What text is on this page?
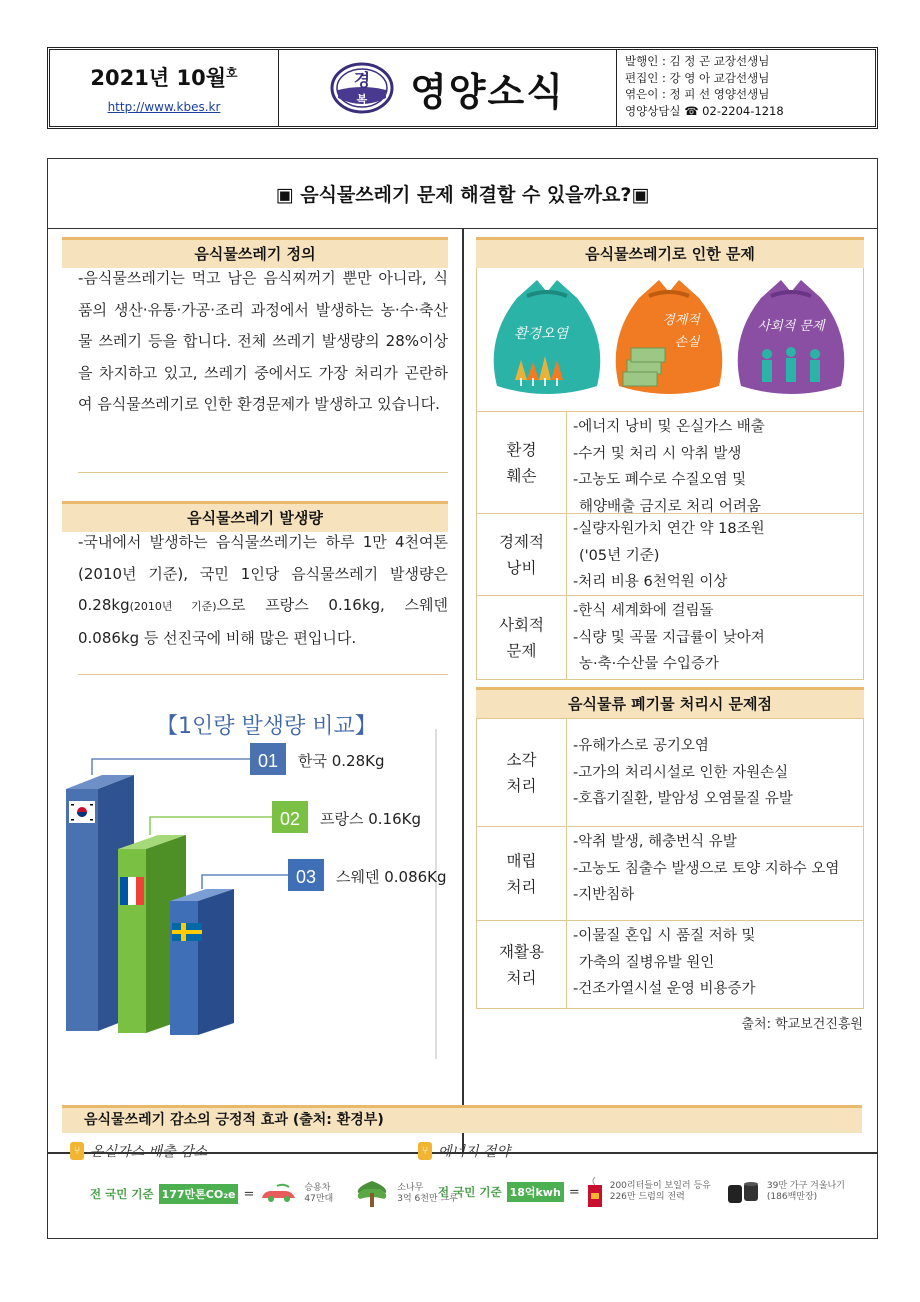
2021년 10월$^호$
http://www.kbes.kr
경
복 영양소식
발행인 : 김 정 곤 교장선생님
편집인 : 강 영 아 교감선생님
엮은이 : 정 피 선 영양선생님
영양상담실 ☎ 02-2204-1218
▣ 음식물쓰레기 문제 해결할 수 있을까요?▣
음식물쓰레기 정의
-음식물쓰레기는 먹고 남은 음식찌꺼기 뿐만 아니라, 식품의 생산·유통·가공·조리 과정에서 발생하는 농·수·축산물 쓰레기 등을 합니다. 전체 쓰레기 발생량의 28%이상을 차지하고 있고, 쓰레기 중에서도 가장 처리가 곤란하여 음식물쓰레기로 인한 환경문제가 발생하고 있습니다.
음식물쓰레기 발생량
-국내에서 발생하는 음식물쓰레기는 하루 1만 4천여톤(2010년 기준), 국민 1인당 음식물쓰레기 발생량은 0.28kg(2010년 기준)으로 프랑스 0.16kg, 스웨덴 0.086kg 등 선진국에 비해 많은 편입니다.
【1인량 발생량 비교】
01
02
03
한국 0.28Kg
프랑스 0.16Kg
스웨덴 0.086Kg
음식물쓰레기로 인한 문제
환경오염
경제적
손실
사회적 문제
환경
훼손
-에너지 낭비 및 온실가스 배출
-수거 및 처리 시 악취 발생
-고농도 폐수로 수질오염 및
해양배출 금지로 처리 어려움
경제적
낭비
-실량자원가치 연간 약 18조원
('05년 기준)
-처리 비용 6천억원 이상
사회적
문제
-한식 세계화에 걸림돌
-식량 및 곡물 지급률이 낮아져
농·축·수산물 수입증가
음식물류 폐기물 처리시 문제점
소각
처리
-유해가스로 공기오염
-고가의 처리시설로 인한 자원손실
-호흡기질환, 발암성 오염물질 유발
매립
처리
-악취 발생, 해충번식 유발
-고농도 침출수 발생으로 토양 지하수 오염
-지반침하
재활용
처리
-이물질 혼입 시 품질 저하 및
가축의 질병유발 원인
-건조가열시설 운영 비용증가
출처: 학교보건진흥원
음식물쓰레기 감소의 긍정적 효과 (출처: 환경부)
⑂ 온실가스 배출 감소
전 국민 기준 177만톤CO₂e =	승용차
47만대
소나무
3억 6천만 그루
⑂ 에너지 절약
전 국민 기준 18억kwh =	200리터들이 보일러 등유
226만 드럼의 전력
39만 가구 겨울나기
(186백만장)
